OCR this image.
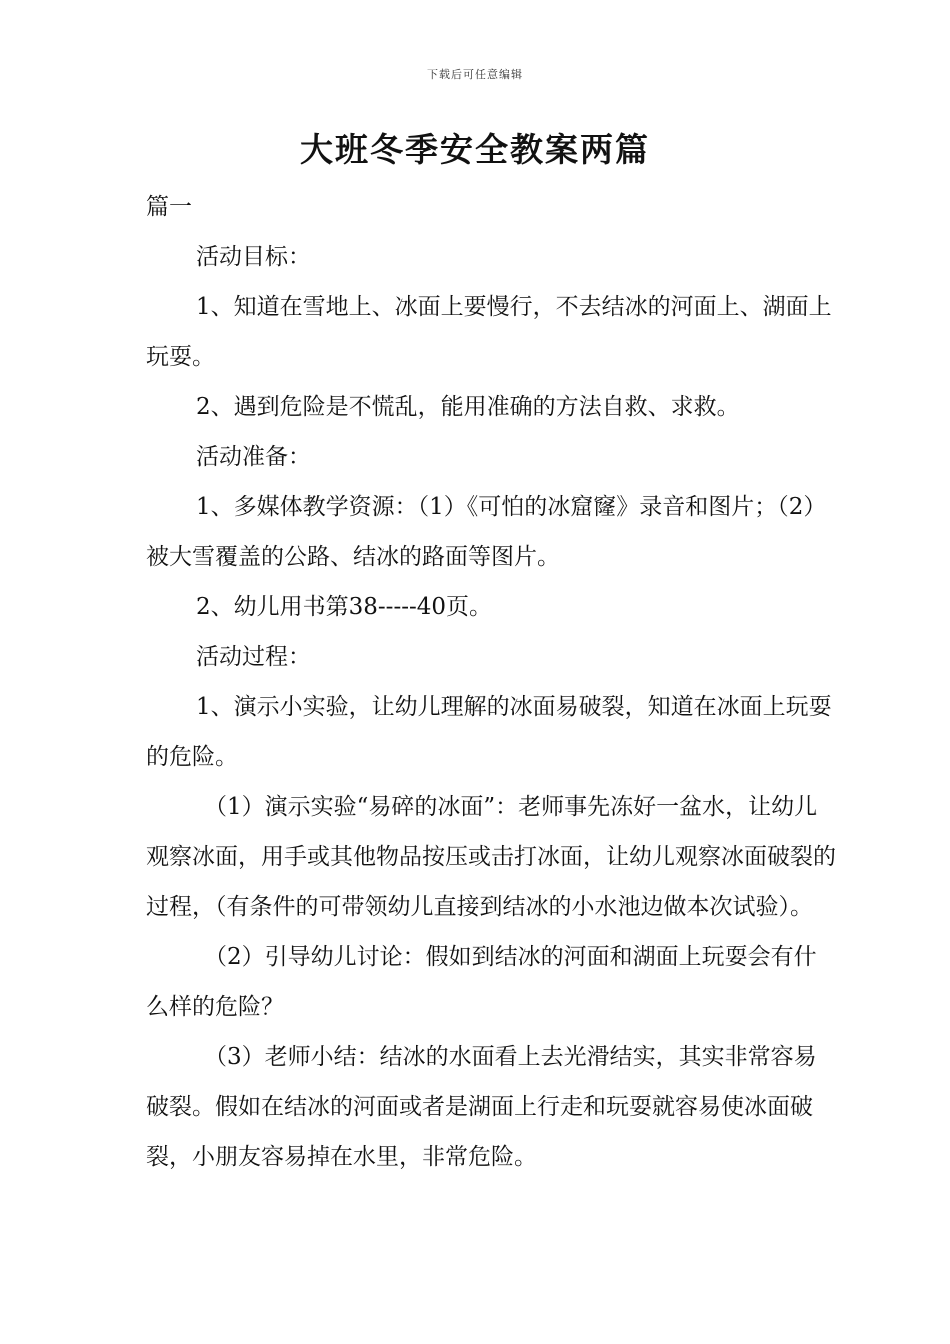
下载后可任意编辑
大班冬季安全教案两篇

篇一

活动目标：

1、知道在雪地上、冰面上要慢行，不去结冰的河面上、湖面上玩耍。

2、遇到危险是不慌乱，能用准确的方法自救、求救。

活动准备：

1、多媒体教学资源：（1）《可怕的冰窟窿》录音和图片；（2）被大雪覆盖的公路、结冰的路面等图片。

2、幼儿用书第38-----40页。

活动过程：

1、演示小实验，让幼儿理解的冰面易破裂，知道在冰面上玩耍的危险。

（1）演示实验“易碎的冰面”：老师事先冻好一盆水，让幼儿观察冰面，用手或其他物品按压或击打冰面，让幼儿观察冰面破裂的过程，（有条件的可带领幼儿直接到结冰的小水池边做本次试验）。

（2）引导幼儿讨论：假如到结冰的河面和湖面上玩耍会有什么样的危险？

（3）老师小结：结冰的水面看上去光滑结实，其实非常容易破裂。假如在结冰的河面或者是湖面上行走和玩耍就容易使冰面破裂，小朋友容易掉在水里，非常危险。
